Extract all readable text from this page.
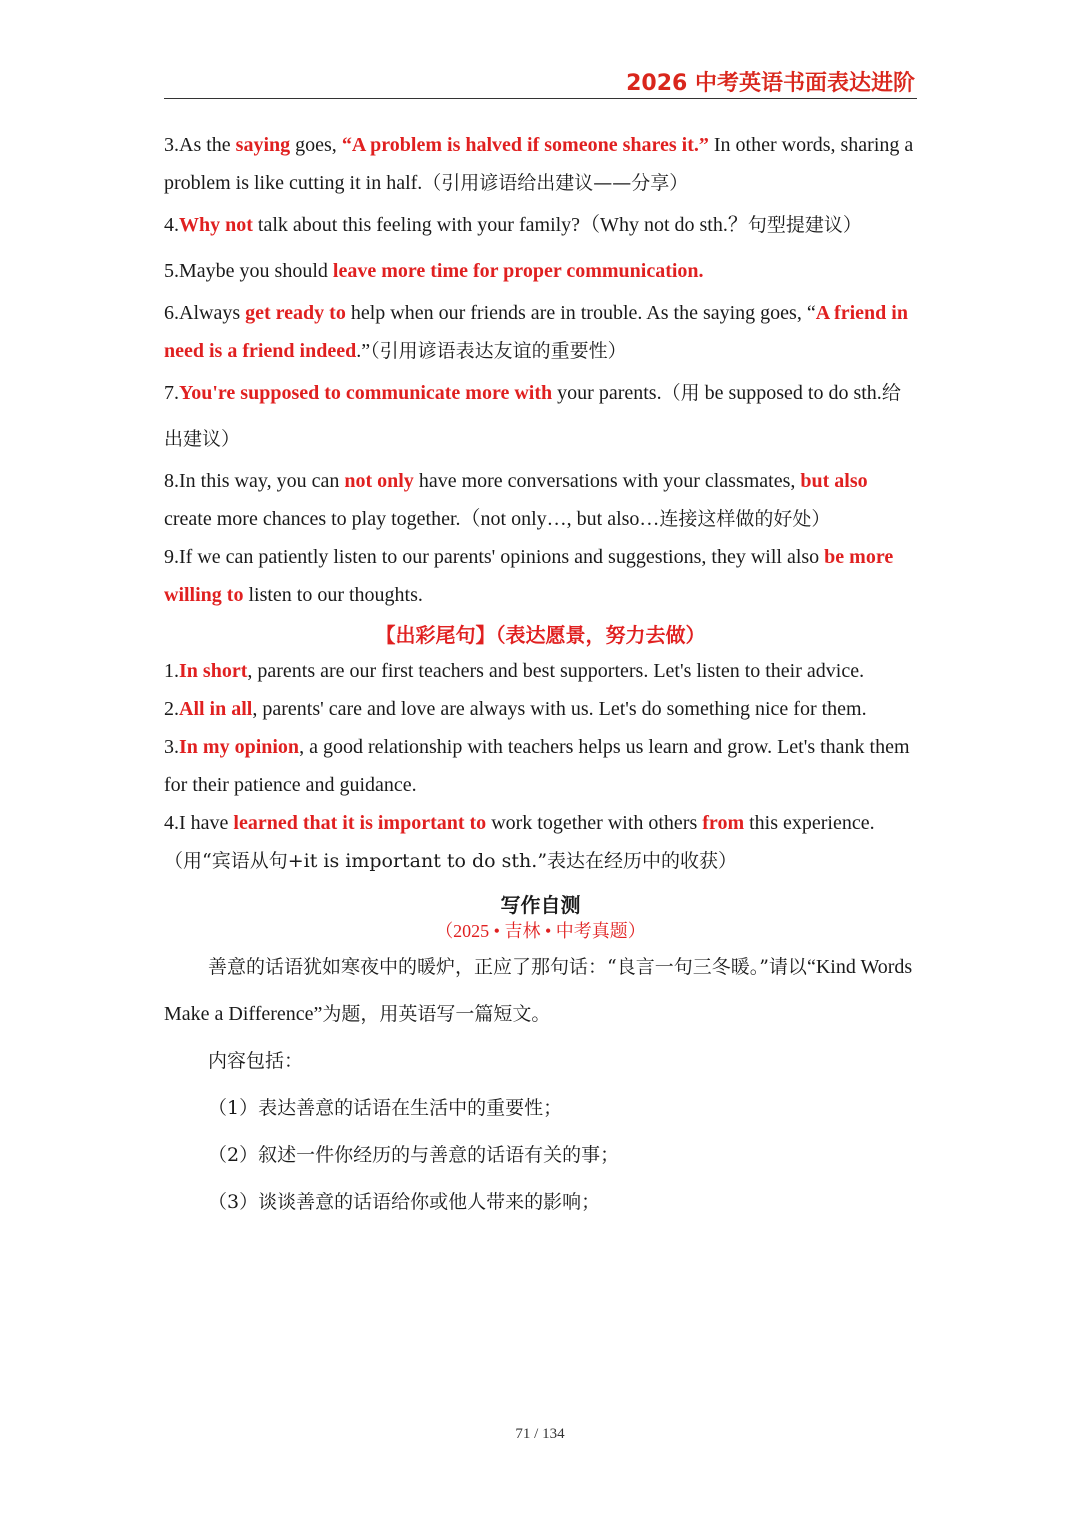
2026 中考英语书面表达进阶

3.As the saying goes, “A problem is halved if someone shares it.” In other words, sharing a problem is like cutting it in half.（引用谚语给出建议——分享）

4.Why not talk about this feeling with your family?（Why not do sth.？句型提建议）

5.Maybe you should leave more time for proper communication.

6.Always get ready to help when our friends are in trouble. As the saying goes, “A friend in need is a friend indeed.”（引用谚语表达友谊的重要性）

7.You're supposed to communicate more with your parents.（用 be supposed to do sth.给出建议）

8.In this way, you can not only have more conversations with your classmates, but also create more chances to play together.（not only…, but also…连接这样做的好处）

9.If we can patiently listen to our parents' opinions and suggestions, they will also be more willing to listen to our thoughts.

【出彩尾句】（表达愿景，努力去做）

1.In short, parents are our first teachers and best supporters. Let's listen to their advice.

2.All in all, parents' care and love are always with us. Let's do something nice for them.

3.In my opinion, a good relationship with teachers helps us learn and grow. Let's thank them for their patience and guidance.

4.I have learned that it is important to work together with others from this experience.（用“宾语从句+it is important to do sth.”表达在经历中的收获）

写作自测
（2025 • 吉林 • 中考真题）

善意的话语犹如寒夜中的暖炉，正应了那句话：“良言一句三冬暖。”请以“Kind Words Make a Difference”为题，用英语写一篇短文。

内容包括：

（1）表达善意的话语在生活中的重要性；

（2）叙述一件你经历的与善意的话语有关的事；

（3）谈谈善意的话语给你或他人带来的影响；

71 / 134
